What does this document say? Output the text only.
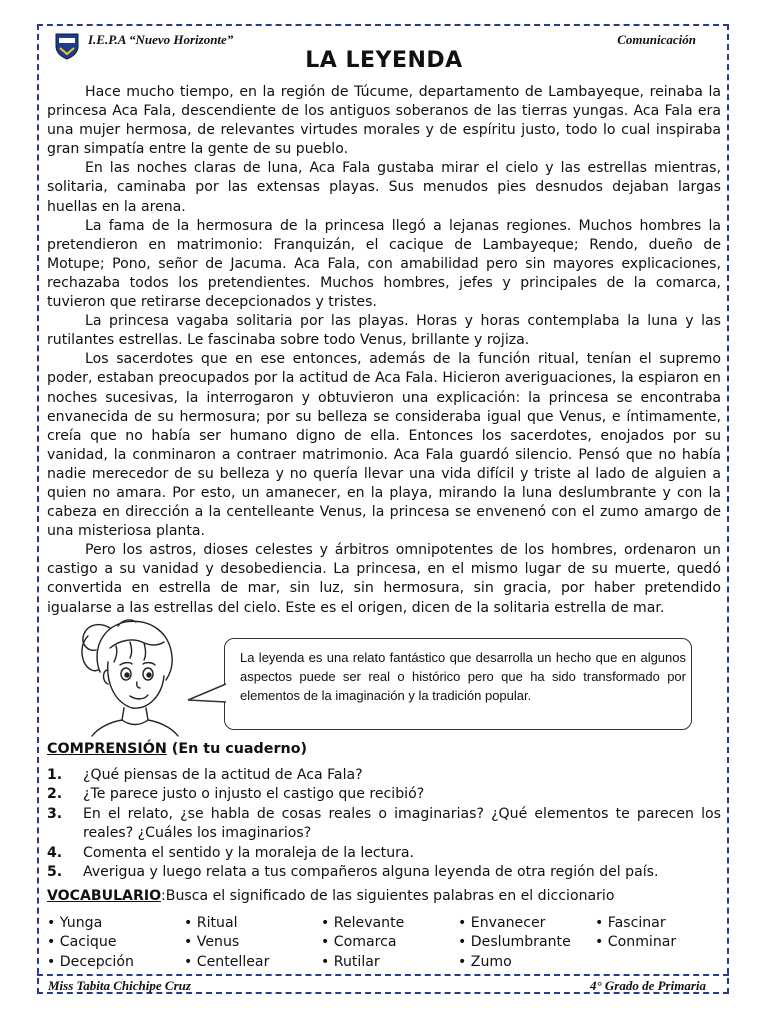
I.E.P.A “Nuevo Horizonte”	Comunicación
LA LEYENDA

Hace mucho tiempo, en la región de Túcume, departamento de Lambayeque, reinaba la princesa Aca Fala, descendiente de los antiguos soberanos de las tierras yungas. Aca Fala era una mujer hermosa, de relevantes virtudes morales y de espíritu justo, todo lo cual inspiraba gran simpatía entre la gente de su pueblo.

En las noches claras de luna, Aca Fala gustaba mirar el cielo y las estrellas mientras, solitaria, caminaba por las extensas playas. Sus menudos pies desnudos dejaban largas huellas en la arena.

La fama de la hermosura de la princesa llegó a lejanas regiones. Muchos hombres la pretendieron en matrimonio: Franquizán, el cacique de Lambayeque; Rendo, dueño de Motupe; Pono, señor de Jacuma. Aca Fala, con amabilidad pero sin mayores explicaciones, rechazaba todos los pretendientes. Muchos hombres, jefes y principales de la comarca, tuvieron que retirarse decepcionados y tristes.

La princesa vagaba solitaria por las playas. Horas y horas contemplaba la luna y las rutilantes estrellas. Le fascinaba sobre todo Venus, brillante y rojiza.

Los sacerdotes que en ese entonces, además de la función ritual, tenían el supremo poder, estaban preocupados por la actitud de Aca Fala. Hicieron averiguaciones, la espiaron en noches sucesivas, la interrogaron y obtuvieron una explicación: la princesa se encontraba envanecida de su hermosura; por su belleza se consideraba igual que Venus, e íntimamente, creía que no había ser humano digno de ella. Entonces los sacerdotes, enojados por su vanidad, la conminaron a contraer matrimonio. Aca Fala guardó silencio. Pensó que no había nadie merecedor de su belleza y no quería llevar una vida difícil y triste al lado de alguien a quien no amara. Por esto, un amanecer, en la playa, mirando la luna deslumbrante y con la cabeza en dirección a la centelleante Venus, la princesa se envenenó con el zumo amargo de una misteriosa planta.

Pero los astros, dioses celestes y árbitros omnipotentes de los hombres, ordenaron un castigo a su vanidad y desobediencia. La princesa, en el mismo lugar de su muerte, quedó convertida en estrella de mar, sin luz, sin hermosura, sin gracia, por haber pretendido igualarse a las estrellas del cielo. Este es el origen, dicen de la solitaria estrella de mar.

La leyenda es una relato fantástico que desarrolla un hecho que en algunos aspectos puede ser real o histórico pero que ha sido transformado por elementos de la imaginación y la tradición popular.
COMPRENSIÓN (En tu cuaderno)
1.	¿Qué piensas de la actitud de Aca Fala?
2.	¿Te parece justo o injusto el castigo que recibió?
3.	En el relato, ¿se habla de cosas reales o imaginarias? ¿Qué elementos te parecen los reales? ¿Cuáles los imaginarios?
4.	Comenta el sentido y la moraleja de la lectura.
5.	Averigua y luego relata a tus compañeros alguna leyenda de otra región del país.
VOCABULARIO:Busca el significado de las siguientes palabras en el diccionario
• Yunga
• Cacique
• Decepción
• Ritual
• Venus
• Centellear
• Relevante
• Comarca
• Rutilar
• Envanecer
• Deslumbrante
• Zumo
• Fascinar
• Conminar
Miss Tabita Chichipe Cruz	4° Grado de Primaria
